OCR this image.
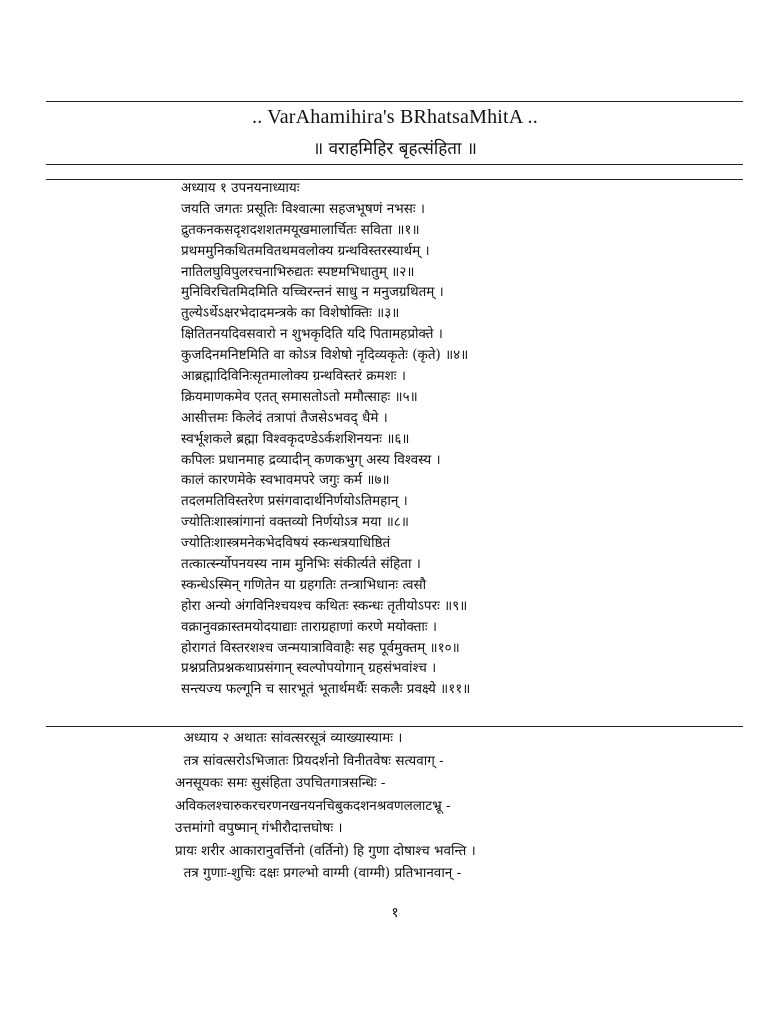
.. VarAhamihira's BRhatsaMhitA ..
॥ वराहमिहिर बृहत्संहिता ॥
अध्याय १ उपनयनाध्यायः
जयति जगतः प्रसूतिः विश्वात्मा सहजभूषणं नभसः ।
द्रुतकनकसदृशदशशतमयूखमालार्चितः सविता ॥१॥
प्रथममुनिकथितमवितथमवलोक्य ग्रन्थविस्तरस्यार्थम् ।
नातिलघुविपुलरचनाभिरुद्यतः स्पष्टमभिधातुम् ॥२॥
मुनिविरचितमिदमिति यच्चिरन्तनं साधु न मनुजग्रथितम् ।
तुल्येऽर्थेऽक्षरभेदादमन्त्रके का विशेषोक्तिः ॥३॥
क्षितितनयदिवसवारो न शुभकृदिति यदि पितामहप्रोक्ते ।
कुजदिनमनिष्टमिति वा कोऽत्र विशेषो नृदिव्यकृतेः (कृते) ॥४॥
आब्रह्मादिविनिःसृतमालोक्य ग्रन्थविस्तरं क्रमशः ।
क्रियमाणकमेव एतत् समासतोऽतो ममौत्साहः ॥५॥
आसीत्तमः किलेदं तत्रापां तैजसेऽभवद् धैमे ।
स्वर्भूशकले ब्रह्मा विश्वकृदण्डेऽर्कशशिनयनः ॥६॥
कपिलः प्रधानमाह द्रव्यादीन् कणकभुग् अस्य विश्वस्य ।
कालं कारणमेके स्वभावमपरे जगुः कर्म ॥७॥
तदलमतिविस्तरेण प्रसंगवादार्थनिर्णयोऽतिमहान् ।
ज्योतिःशास्त्रांगानां वक्तव्यो निर्णयोऽत्र मया ॥८॥
ज्योतिःशास्त्रमनेकभेदविषयं स्कन्धत्रयाधिष्ठितं
तत्कार्त्स्न्योपनयस्य नाम मुनिभिः संकीर्त्यते संहिता ।
स्कन्धेऽस्मिन् गणितेन या ग्रहगतिः तन्त्राभिधानः त्वसौ
होरा अन्यो अंगविनिश्चयश्च कथितः स्कन्धः तृतीयोऽपरः ॥९॥
वक्रानुवक्रास्तमयोदयाद्याः ताराग्रहाणां करणे मयोक्ताः ।
होरागतं विस्तरशश्च जन्मयात्राविवाहैः सह पूर्वमुक्तम् ॥१०॥
प्रश्नप्रतिप्रश्नकथाप्रसंगान् स्वल्पोपयोगान् ग्रहसंभवांश्च ।
सन्त्यज्य फल्गूनि च सारभूतं भूतार्थमर्थैः सकलैः प्रवक्ष्ये ॥११॥
अध्याय २ अथातः सांवत्सरसूत्रं व्याख्यास्यामः ।
तत्र सांवत्सरोऽभिजातः प्रियदर्शनो विनीतवेषः सत्यवाग् -
अनसूयकः समः सुसंहिता उपचितगात्रसन्धिः -
अविकलश्चारुकरचरणनखनयनचिबुकदशनश्रवणललाटभ्रू -
उत्तमांगो वपुष्मान् गंभीरौदात्तघोषः ।
प्रायः शरीर आकारानुवर्त्तिनो (वर्तिनो) हि गुणा दोषाश्च भवन्ति ।
तत्र गुणाः-शुचिः दक्षः प्रगल्भो वाग्मी (वाग्मी) प्रतिभानवान् -
१
